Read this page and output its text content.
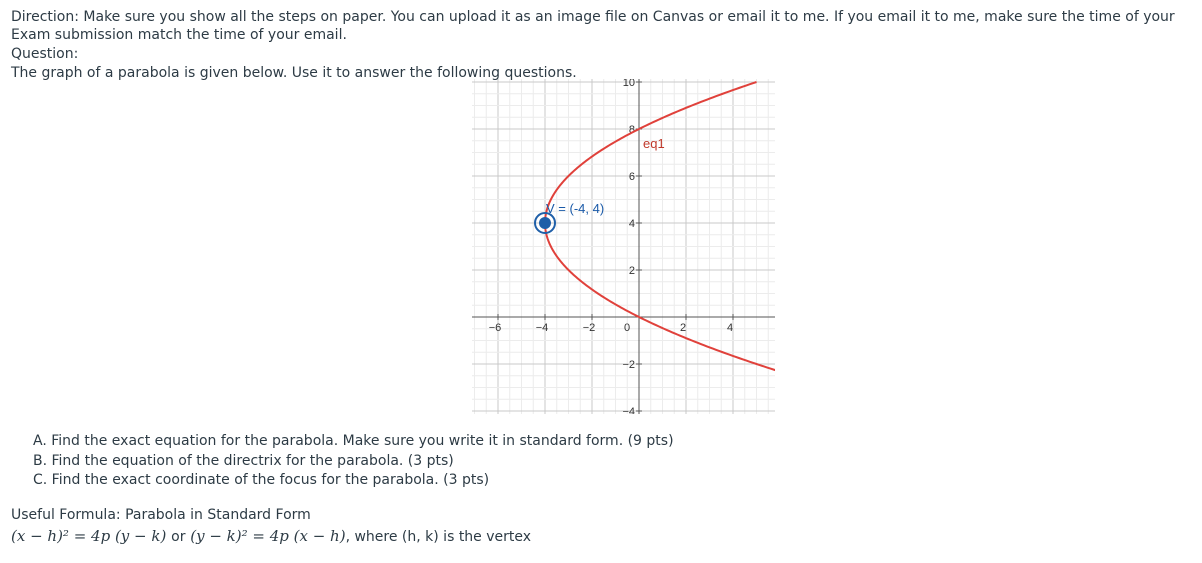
Direction: Make sure you show all the steps on paper. You can upload it as an image file on Canvas or email it to me. If you email it to me, make sure the time of your Exam submission match the time of your email.
Question:
The graph of a parabola is given below. Use it to answer the following questions.
−6	−4	−2	0	2	4
10
8
6
4
2
−2
−4
eq1
V = (-4, 4)
A. Find the exact equation for the parabola. Make sure you write it in standard form. (9 pts)
B. Find the equation of the directrix for the parabola. (3 pts)
C. Find the exact coordinate of the focus for the parabola. (3 pts)
Useful Formula: Parabola in Standard Form
(x − h)² = 4p (y − k) or (y − k)² = 4p (x − h), where (h, k) is the vertex
